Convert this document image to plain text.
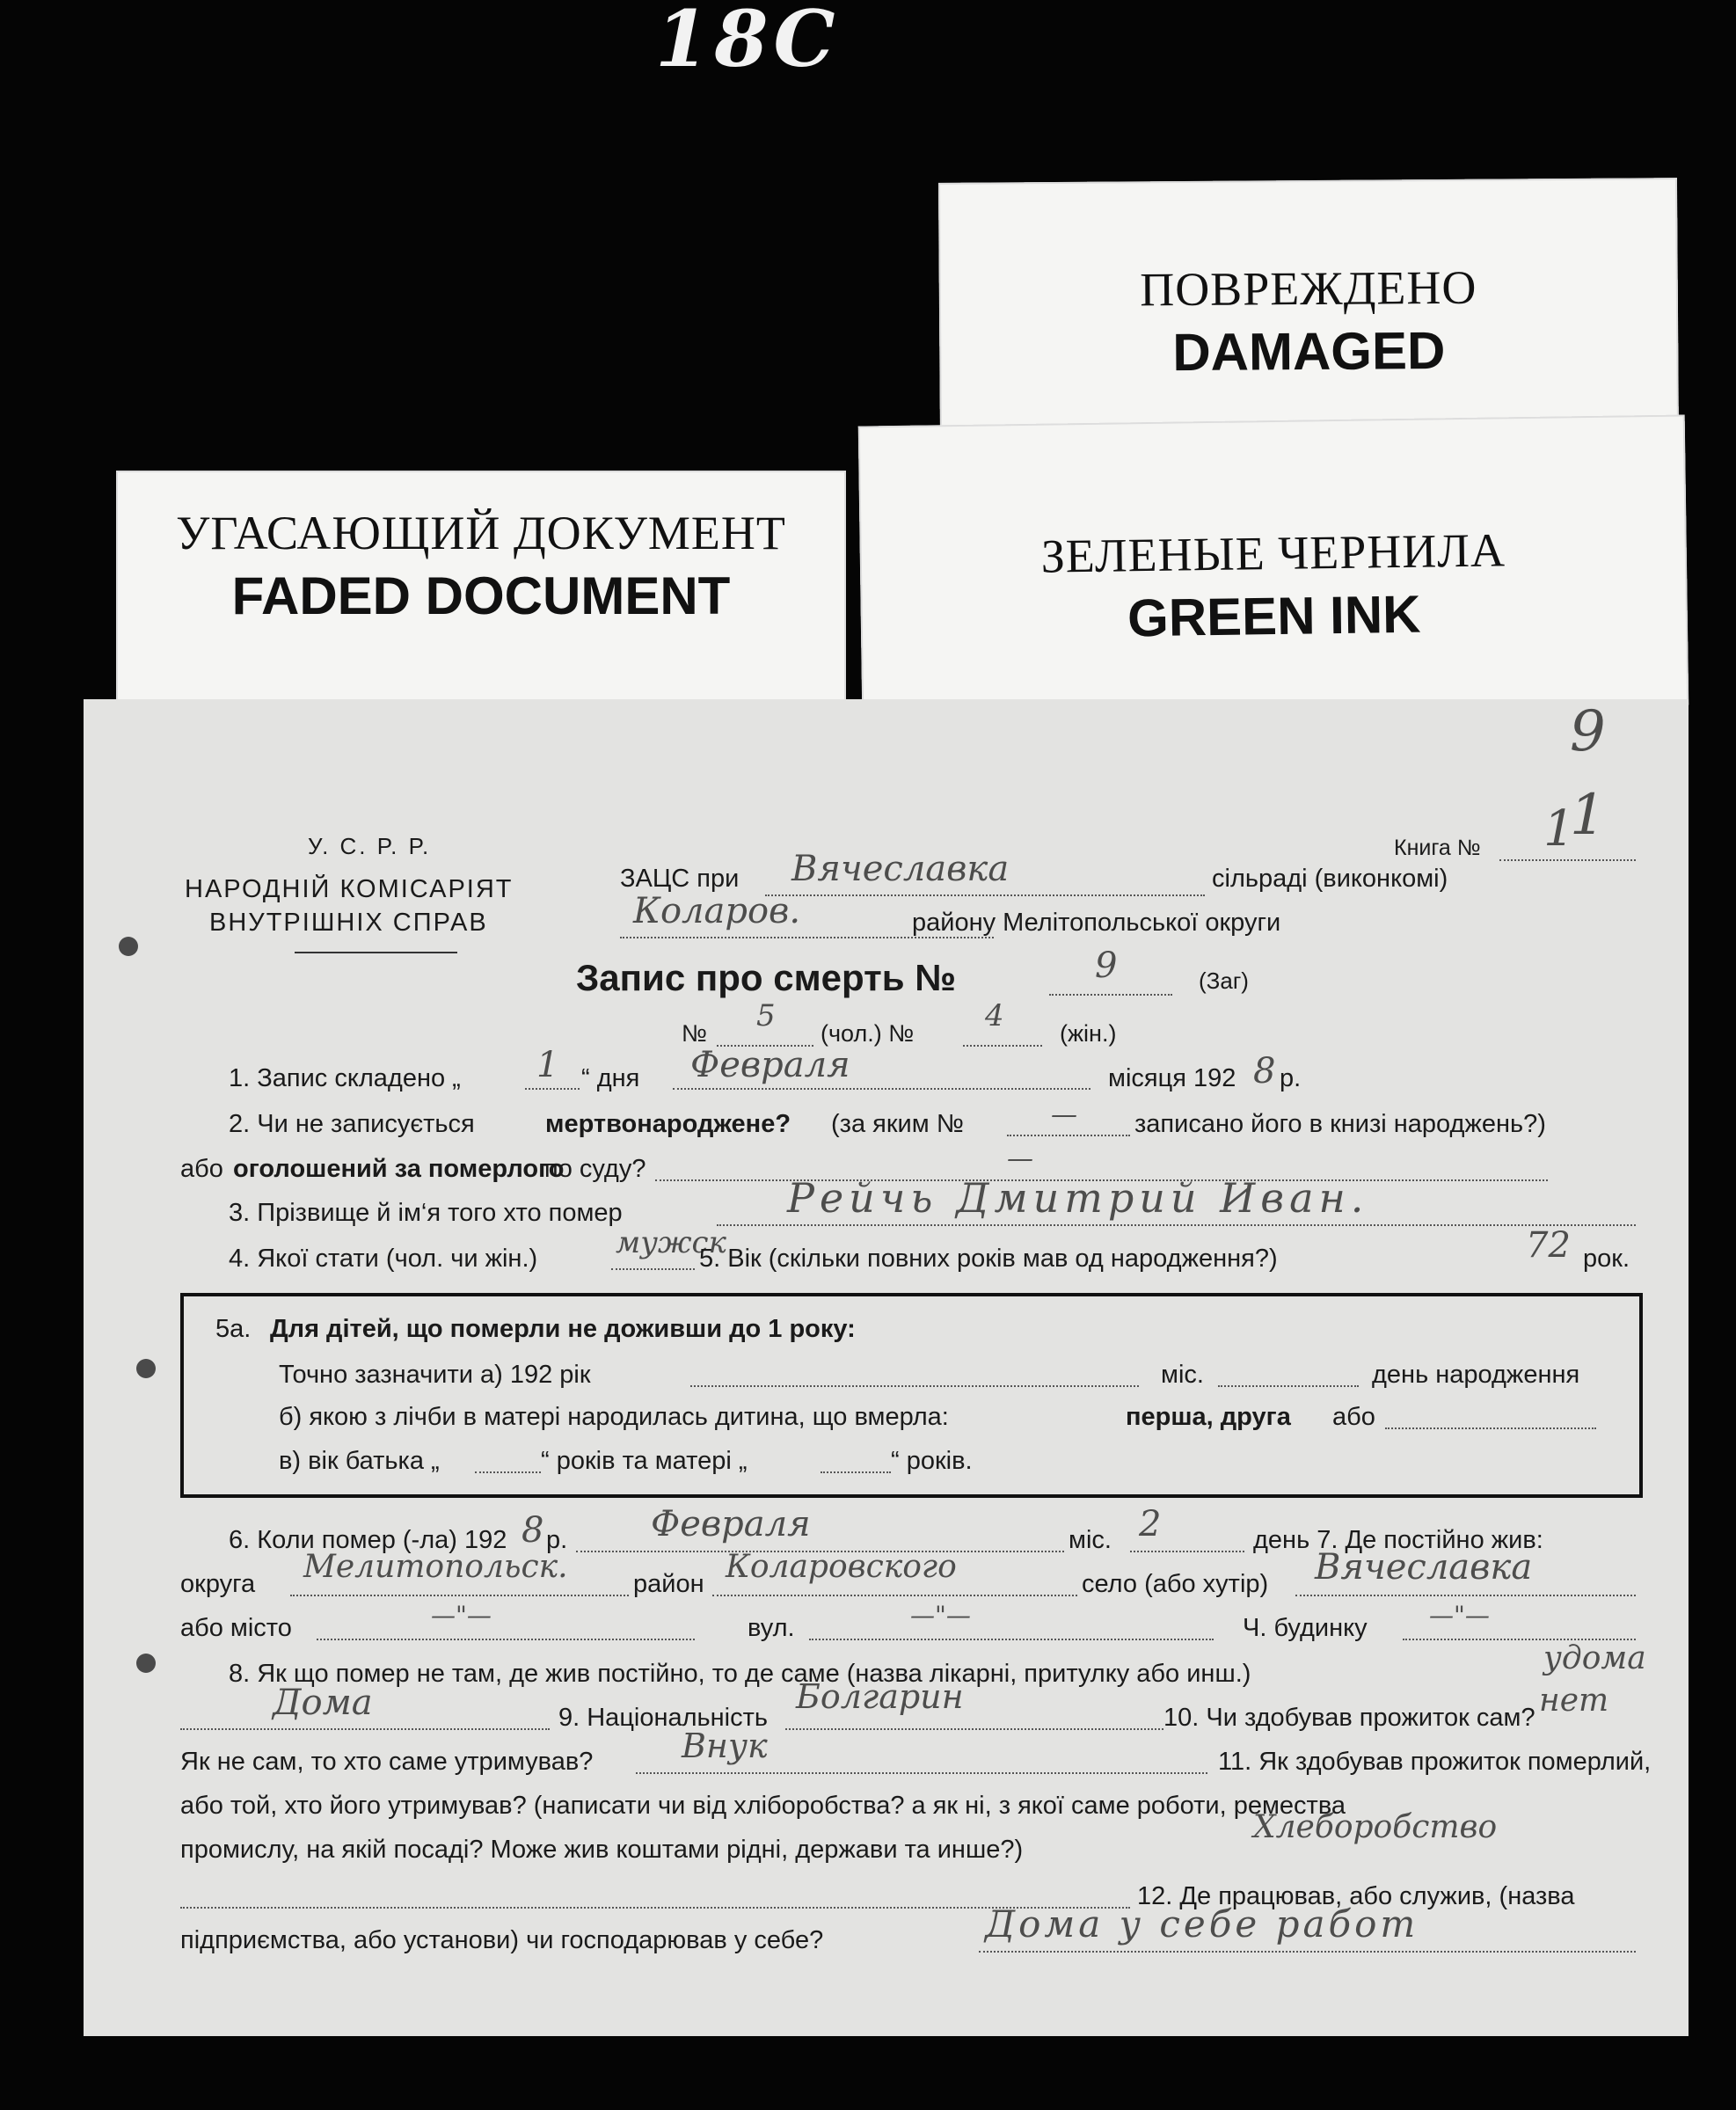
18С
ПОВРЕЖДЕНО
DAMAGED
УГАСАЮЩИЙ ДОКУМЕНТ
FADED DOCUMENT
ЗЕЛЕНЫЕ ЧЕРНИЛА
GREEN INK
9
1
У. С. Р. Р.
НАРОДНІЙ КОМІСАРІЯТ
ВНУТРІШНІХ СПРАВ
Книга № 1
ЗАЦС при Вячеславка	сільраді (виконкомі)
Коларов.	району Мелітопольської округи
Запис про смерть №	9	(Заг)
№ 5 (чол.) № 4 (жін.)
1. Запис складено „ 1 “ дня Февраля	місяця 192 8 р.
2. Чи не записується	мертвонароджене? (за яким №	— записано його в книзі народжень?)
або оголошений за померлого
по суду?	—
3. Прізвище й ім‘я того хто помер	Рейчь Дмитрий Иван.
4. Якої стати (чол. чи жін.)	мужск
5. Вік (скільки повних років мав од народження?)	72 рок.
5а. Для дітей, що померли не доживши до 1 року:
Точно зазначити а) 192 рік	міс.	день народження
б) якою з лічби в матері народилась дитина, що вмерла:	перша, друга або
в) вік батька „	“ років та матері „	“ років.
6. Коли помер (-ла) 192 8 р. Февраля	міс. 2	день 7. Де постійно жив:
округа Мелитопольск.	район Коларовского	село (або хутір) Вячеславка
або місто	—"—	вул.	—"—	Ч. будинку	—"—
8. Як що помер не там, де жив постійно, то де саме (назва лікарні, притулку або инш.)	удома
Дома	9. Національність
Болгарин
10. Чи здобував прожиток сам? нет
Як не сам, то хто саме утримував?	Внук	11. Як здобував прожиток померлий,
або той, хто його утримував? (написати чи від хліборобства? а як ні, з якої саме роботи, ремества
промислу, на якій посаді? Може жив коштами рідні, держави та инше?)
Хлеборобство
12. Де працював, або служив, (назва
підприємства, або установи) чи господарював у себе?	Дома у себе работ
